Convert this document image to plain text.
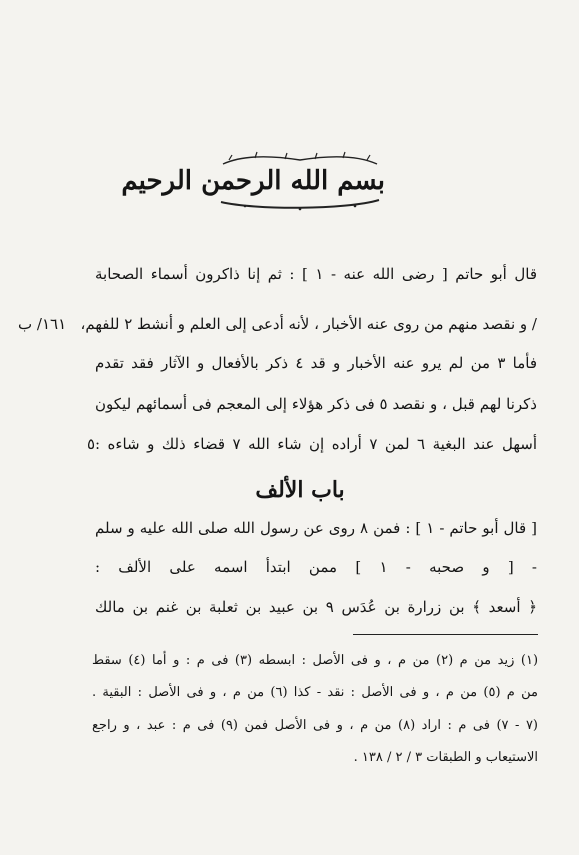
بسم الله الرحمن الرحيم
قال أبو حاتم [ رضى الله عنه - ١ ] : ثم إنا ذاكرون أسماء الصحابة
/ و نقصد منهم من روى عنه الأخبار ، لأنه أدعى إلى العلم و أنشط ٢ للفهم،
فأما ٣ من لم يرو عنه الأخبار و قد ٤ ذكر بالأفعال و الآثار فقد تقدم
ذكرنا لهم قبل ، و نقصد ٥ فى ذكر هؤلاء إلى المعجم فى أسمائهم ليكون
أسهل عند البغية ٦ لمن ٧ أراده إن شاء الله ٧ قضاء ذلك و شاءه :
١٦١/ ب
٥
باب الألف
[ قال أبو حاتم - ١ ] : فمن ٨ روى عن رسول الله صلى الله عليه و سلم
- [ و صحبه - ١ ] ممن ابتدأ اسمه على الألف :
﴿ أسعد ﴾ بن زرارة بن عُدَس ٩ بن عبيد بن ثعلبة بن غنم بن مالك
(١) زيد من م (٢) من م ، و فى الأصل : ابسطه (٣) فى م : و أما (٤) سقط
من م (٥) من م ، و فى الأصل : نقد - كذا (٦) من م ، و فى الأصل : البقية .
(٧ - ٧) فى م : اراد (٨) من م ، و فى الأصل فمن (٩) فى م : عبد ، و راجع
الاستيعاب و الطبقات ٣ / ٢ / ١٣٨ .
